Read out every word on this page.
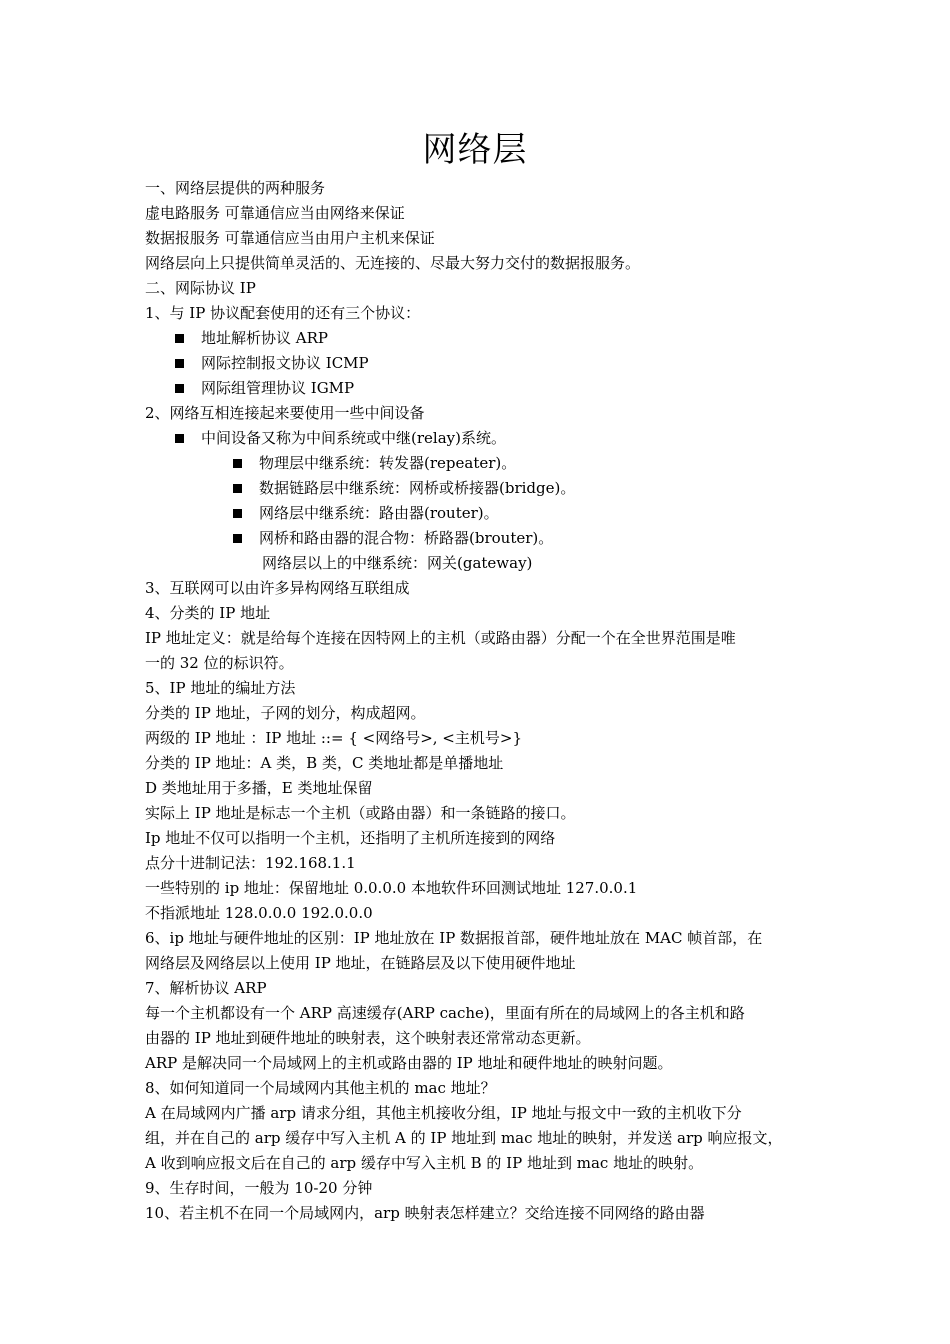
网络层
一、网络层提供的两种服务
虚电路服务 可靠通信应当由网络来保证
数据报服务 可靠通信应当由用户主机来保证
网络层向上只提供简单灵活的、无连接的、尽最大努力交付的数据报服务。
二、网际协议 IP
1、与 IP 协议配套使用的还有三个协议：
地址解析协议 ARP
网际控制报文协议 ICMP
网际组管理协议 IGMP
2、网络互相连接起来要使用一些中间设备
中间设备又称为中间系统或中继(relay)系统。
物理层中继系统：转发器(repeater)。
数据链路层中继系统：网桥或桥接器(bridge)。
网络层中继系统：路由器(router)。
网桥和路由器的混合物：桥路器(brouter)。
网络层以上的中继系统：网关(gateway)
3、互联网可以由许多异构网络互联组成
4、分类的 IP 地址
IP 地址定义：就是给每个连接在因特网上的主机（或路由器）分配一个在全世界范围是唯
一的 32 位的标识符。
5、IP 地址的编址方法
分类的 IP 地址，子网的划分，构成超网。
两级的 IP 地址 ：IP 地址 ::= { <网络号>, <主机号>}
分类的 IP 地址：A 类，B 类，C 类地址都是单播地址
D 类地址用于多播，E 类地址保留
实际上 IP 地址是标志一个主机（或路由器）和一条链路的接口。
Ip 地址不仅可以指明一个主机，还指明了主机所连接到的网络
点分十进制记法：192.168.1.1
一些特别的 ip 地址：保留地址 0.0.0.0 本地软件环回测试地址 127.0.0.1
不指派地址 128.0.0.0 192.0.0.0
6、ip 地址与硬件地址的区别：IP 地址放在 IP 数据报首部，硬件地址放在 MAC 帧首部，在
网络层及网络层以上使用 IP 地址，在链路层及以下使用硬件地址
7、解析协议 ARP
每一个主机都设有一个 ARP 高速缓存(ARP cache)，里面有所在的局域网上的各主机和路
由器的 IP 地址到硬件地址的映射表，这个映射表还常常动态更新。
ARP 是解决同一个局域网上的主机或路由器的 IP 地址和硬件地址的映射问题。
8、如何知道同一个局域网内其他主机的 mac 地址？
A 在局域网内广播 arp 请求分组，其他主机接收分组，IP 地址与报文中一致的主机收下分
组，并在自己的 arp 缓存中写入主机 A 的 IP 地址到 mac 地址的映射，并发送 arp 响应报文，
A 收到响应报文后在自己的 arp 缓存中写入主机 B 的 IP 地址到 mac 地址的映射。
9、生存时间，一般为 10-20 分钟
10、若主机不在同一个局域网内，arp 映射表怎样建立？交给连接不同网络的路由器
